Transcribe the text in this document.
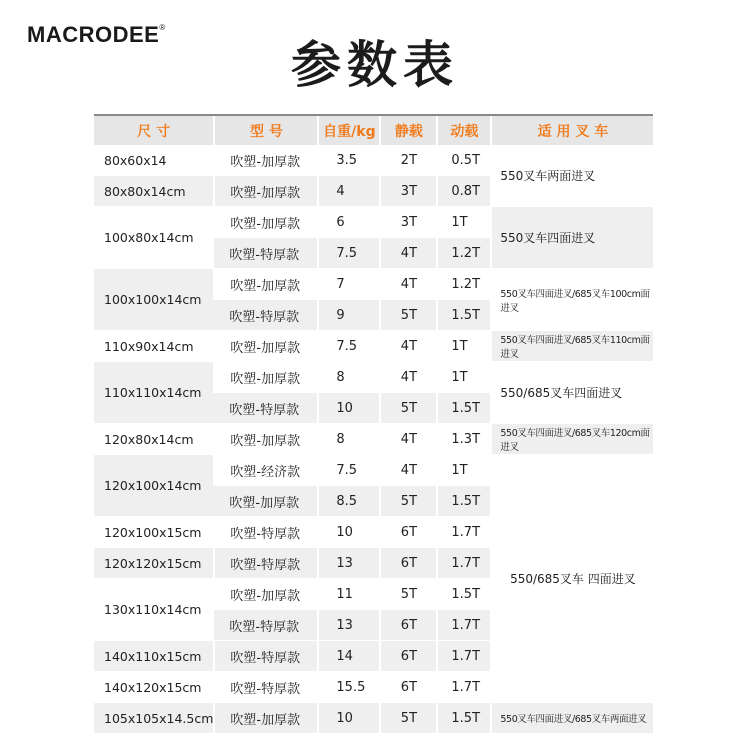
MACRODEE®
参数表
尺 寸	型 号	自重/kg	静载	动载	适 用 叉 车
80x60x14	吹塑-加厚款	3.5	2T	0.5T	550叉车两面进叉
80x80x14cm	吹塑-加厚款	4	3T	0.8T	
100x80x14cm	吹塑-加厚款	6	3T	1T	550叉车四面进叉
	吹塑-特厚款	7.5	4T	1.2T	
100x100x14cm	吹塑-加厚款	7	4T	1.2T	550叉车四面进叉/685叉车100cm面进叉
	吹塑-特厚款	9	5T	1.5T	
110x90x14cm	吹塑-加厚款	7.5	4T	1T	550叉车四面进叉/685叉车110cm面进叉
110x110x14cm	吹塑-加厚款	8	4T	1T	550/685叉车四面进叉
	吹塑-特厚款	10	5T	1.5T	
120x80x14cm	吹塑-加厚款	8	4T	1.3T	550叉车四面进叉/685叉车120cm面进叉
120x100x14cm	吹塑-经济款	7.5	4T	1T	550/685叉车 四面进叉
	吹塑-加厚款	8.5	5T	1.5T	
120x100x15cm	吹塑-特厚款	10	6T	1.7T	
120x120x15cm	吹塑-特厚款	13	6T	1.7T	
130x110x14cm	吹塑-加厚款	11	5T	1.5T	
	吹塑-特厚款	13	6T	1.7T	
140x110x15cm	吹塑-特厚款	14	6T	1.7T	
140x120x15cm	吹塑-特厚款	15.5	6T	1.7T	
105x105x14.5cm	吹塑-加厚款	10	5T	1.5T	550叉车四面进叉/685叉车两面进叉
